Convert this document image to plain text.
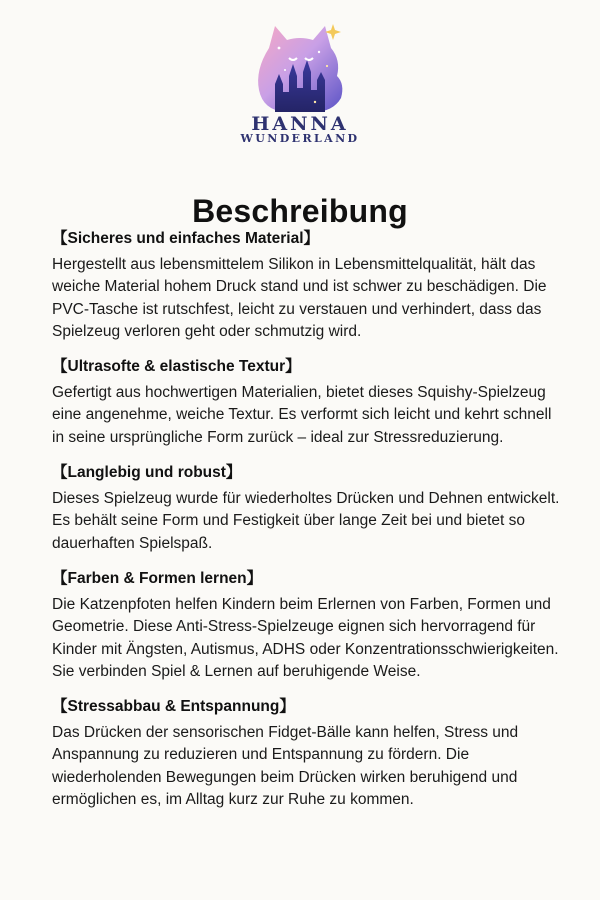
HANNA
WUNDERLAND
Beschreibung
【Sicheres und einfaches Material】

Hergestellt aus lebensmittelem Silikon in Lebensmittelqualität, hält das weiche Material hohem Druck stand und ist schwer zu beschädigen. Die PVC-Tasche ist rutschfest, leicht zu verstauen und verhindert, dass das Spielzeug verloren geht oder schmutzig wird.

【Ultrasofte & elastische Textur】

Gefertigt aus hochwertigen Materialien, bietet dieses Squishy-Spielzeug eine angenehme, weiche Textur. Es verformt sich leicht und kehrt schnell in seine ursprüngliche Form zurück – ideal zur Stressreduzierung.

【Langlebig und robust】

Dieses Spielzeug wurde für wiederholtes Drücken und Dehnen entwickelt. Es behält seine Form und Festigkeit über lange Zeit bei und bietet so dauerhaften Spielspaß.

【Farben & Formen lernen】

Die Katzenpfoten helfen Kindern beim Erlernen von Farben, Formen und Geometrie. Diese Anti-Stress-Spielzeuge eignen sich hervorragend für Kinder mit Ängsten, Autismus, ADHS oder Konzentrationsschwierigkeiten. Sie verbinden Spiel & Lernen auf beruhigende Weise.

【Stressabbau & Entspannung】

Das Drücken der sensorischen Fidget-Bälle kann helfen, Stress und Anspannung zu reduzieren und Entspannung zu fördern. Die wiederholenden Bewegungen beim Drücken wirken beruhigend und ermöglichen es, im Alltag kurz zur Ruhe zu kommen.
